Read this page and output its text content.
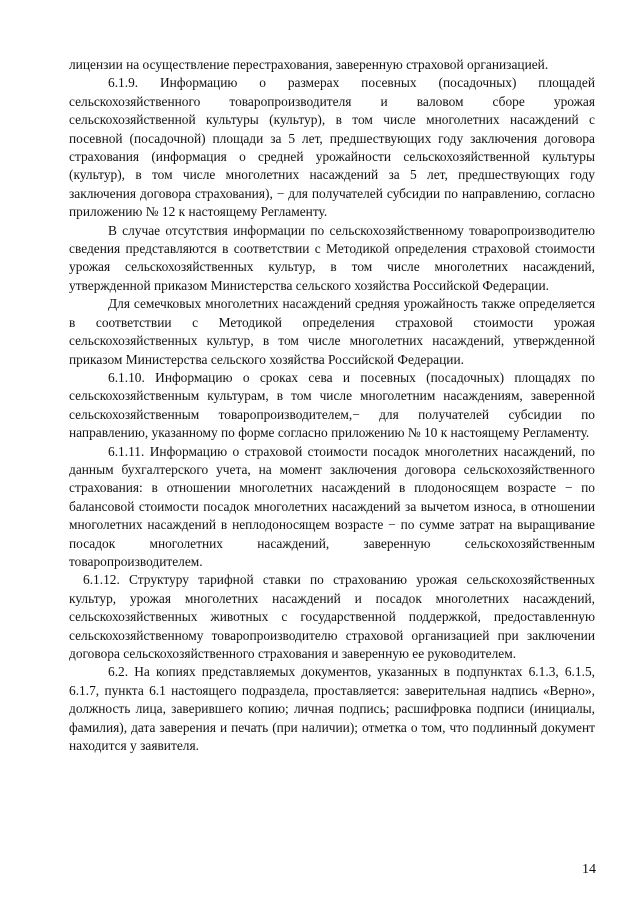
лицензии на осуществление перестрахования, заверенную страховой организацией.

6.1.9. Информацию о размерах посевных (посадочных) площадей сельскохозяйственного товаропроизводителя и валовом сборе урожая сельскохозяйственной культуры (культур), в том числе многолетних насаждений с посевной (посадочной) площади за 5 лет, предшествующих году заключения договора страхования (информация о средней урожайности сельскохозяйственной культуры (культур), в том числе многолетних насаждений за 5 лет, предшествующих году заключения договора страхования), − для получателей субсидии по направлению, согласно приложению № 12 к настоящему Регламенту.

В случае отсутствия информации по сельскохозяйственному товаропроизводителю сведения представляются в соответствии с Методикой определения страховой стоимости урожая сельскохозяйственных культур, в том числе многолетних насаждений, утвержденной приказом Министерства сельского хозяйства Российской Федерации.

Для семечковых многолетних насаждений средняя урожайность также определяется в соответствии с Методикой определения страховой стоимости урожая сельскохозяйственных культур, в том числе многолетних насаждений, утвержденной приказом Министерства сельского хозяйства Российской Федерации.

6.1.10. Информацию о сроках сева и посевных (посадочных) площадях по сельскохозяйственным культурам, в том числе многолетним насаждениям, заверенной сельскохозяйственным товаропроизводителем,− для получателей субсидии по направлению, указанному по форме согласно приложению № 10 к настоящему Регламенту.

6.1.11. Информацию о страховой стоимости посадок многолетних насаждений, по данным бухгалтерского учета, на момент заключения договора сельскохозяйственного страхования: в отношении многолетних насаждений в плодоносящем возрасте − по балансовой стоимости посадок многолетних насаждений за вычетом износа, в отношении многолетних насаждений в неплодоносящем возрасте − по сумме затрат на выращивание посадок многолетних насаждений, заверенную сельскохозяйственным товаропроизводителем.

6.1.12. Структуру тарифной ставки по страхованию урожая сельскохозяйственных культур, урожая многолетних насаждений и посадок многолетних насаждений, сельскохозяйственных животных с государственной поддержкой, предоставленную сельскохозяйственному товаропроизводителю страховой организацией при заключении договора сельскохозяйственного страхования и заверенную ее руководителем.

6.2. На копиях представляемых документов, указанных в подпунктах 6.1.3, 6.1.5, 6.1.7, пункта 6.1 настоящего подраздела, проставляется: заверительная надпись «Верно», должность лица, заверившего копию; личная подпись; расшифровка подписи (инициалы, фамилия), дата заверения и печать (при наличии); отметка о том, что подлинный документ находится у заявителя.

14
